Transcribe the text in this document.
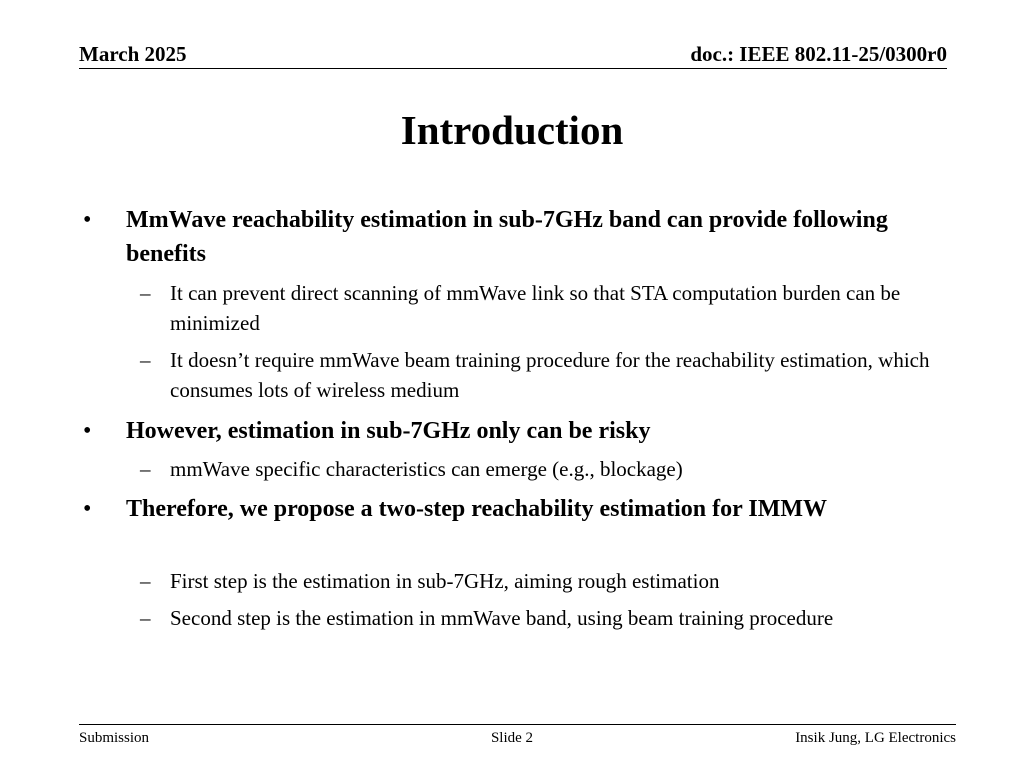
March 2025	doc.: IEEE 802.11-25/0300r0
Introduction
• MmWave reachability estimation in sub-7GHz band can provide following benefits
– It can prevent direct scanning of mmWave link so that STA computation burden can be minimized
– It doesn’t require mmWave beam training procedure for the reachability estimation, which consumes lots of wireless medium
• However, estimation in sub-7GHz only can be risky
– mmWave specific characteristics can emerge (e.g., blockage)
• Therefore, we propose a two-step reachability estimation for IMMW
– First step is the estimation in sub-7GHz, aiming rough estimation
– Second step is the estimation in mmWave band, using beam training procedure
Submission	Slide 2	Insik Jung, LG Electronics
